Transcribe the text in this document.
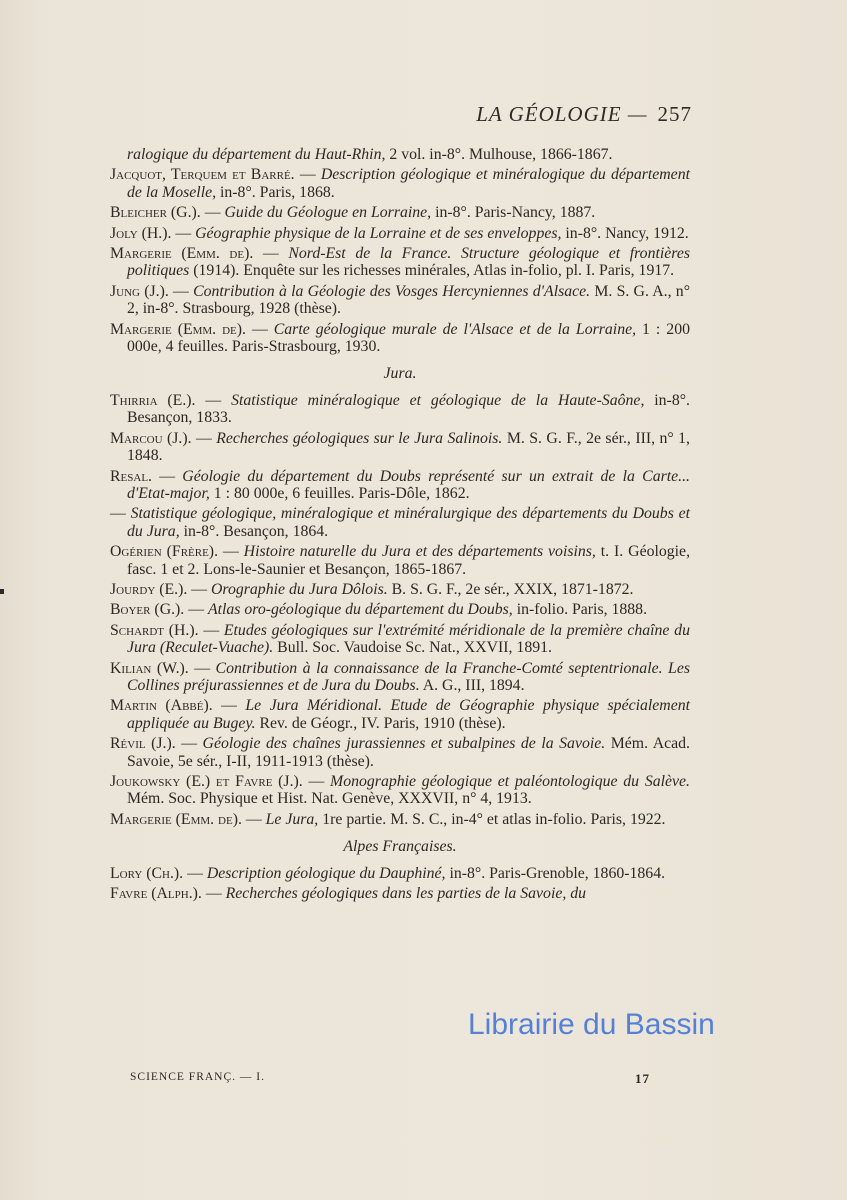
LA GÉOLOGIE — 257
ralogique du département du Haut-Rhin, 2 vol. in-8°. Mulhouse, 1866-1867.
Jacquot, Terquem et Barré. — Description géologique et minéralogique du département de la Moselle, in-8°. Paris, 1868.
Bleicher (G.). — Guide du Géologue en Lorraine, in-8°. Paris-Nancy, 1887.
Joly (H.). — Géographie physique de la Lorraine et de ses enveloppes, in-8°. Nancy, 1912.
Margerie (Emm. de). — Nord-Est de la France. Structure géologique et frontières politiques (1914). Enquête sur les richesses minérales, Atlas in-folio, pl. I. Paris, 1917.
Jung (J.). — Contribution à la Géologie des Vosges Hercyniennes d'Alsace. M. S. G. A., n° 2, in-8°. Strasbourg, 1928 (thèse).
Margerie (Emm. de). — Carte géologique murale de l'Alsace et de la Lorraine, 1 : 200 000e, 4 feuilles. Paris-Strasbourg, 1930.
Jura.
Thirria (E.). — Statistique minéralogique et géologique de la Haute-Saône, in-8°. Besançon, 1833.
Marcou (J.). — Recherches géologiques sur le Jura Salinois. M. S. G. F., 2e sér., III, n° 1, 1848.
Resal. — Géologie du département du Doubs représenté sur un extrait de la Carte... d'Etat-major, 1 : 80 000e, 6 feuilles. Paris-Dôle, 1862.
— Statistique géologique, minéralogique et minéralurgique des départements du Doubs et du Jura, in-8°. Besançon, 1864.
Ogérien (Frère). — Histoire naturelle du Jura et des départements voisins, t. I. Géologie, fasc. 1 et 2. Lons-le-Saunier et Besançon, 1865-1867.
Jourdy (E.). — Orographie du Jura Dôlois. B. S. G. F., 2e sér., XXIX, 1871-1872.
Boyer (G.). — Atlas oro-géologique du département du Doubs, in-folio. Paris, 1888.
Schardt (H.). — Etudes géologiques sur l'extrémité méridionale de la première chaîne du Jura (Reculet-Vuache). Bull. Soc. Vaudoise Sc. Nat., XXVII, 1891.
Kilian (W.). — Contribution à la connaissance de la Franche-Comté septentrionale. Les Collines préjurassiennes et de Jura du Doubs. A. G., III, 1894.
Martin (Abbé). — Le Jura Méridional. Etude de Géographie physique spécialement appliquée au Bugey. Rev. de Géogr., IV. Paris, 1910 (thèse).
Révil (J.). — Géologie des chaînes jurassiennes et subalpines de la Savoie. Mém. Acad. Savoie, 5e sér., I-II, 1911-1913 (thèse).
Joukowsky (E.) et Favre (J.). — Monographie géologique et paléontologique du Salève. Mém. Soc. Physique et Hist. Nat. Genève, XXXVII, n° 4, 1913.
Margerie (Emm. de). — Le Jura, 1re partie. M. S. C., in-4° et atlas in-folio. Paris, 1922.
Alpes Françaises.
Lory (Ch.). — Description géologique du Dauphiné, in-8°. Paris-Grenoble, 1860-1864.
Favre (Alph.). — Recherches géologiques dans les parties de la Savoie, du
SCIENCE FRANÇ. — I.	17
Librairie du Bassin
